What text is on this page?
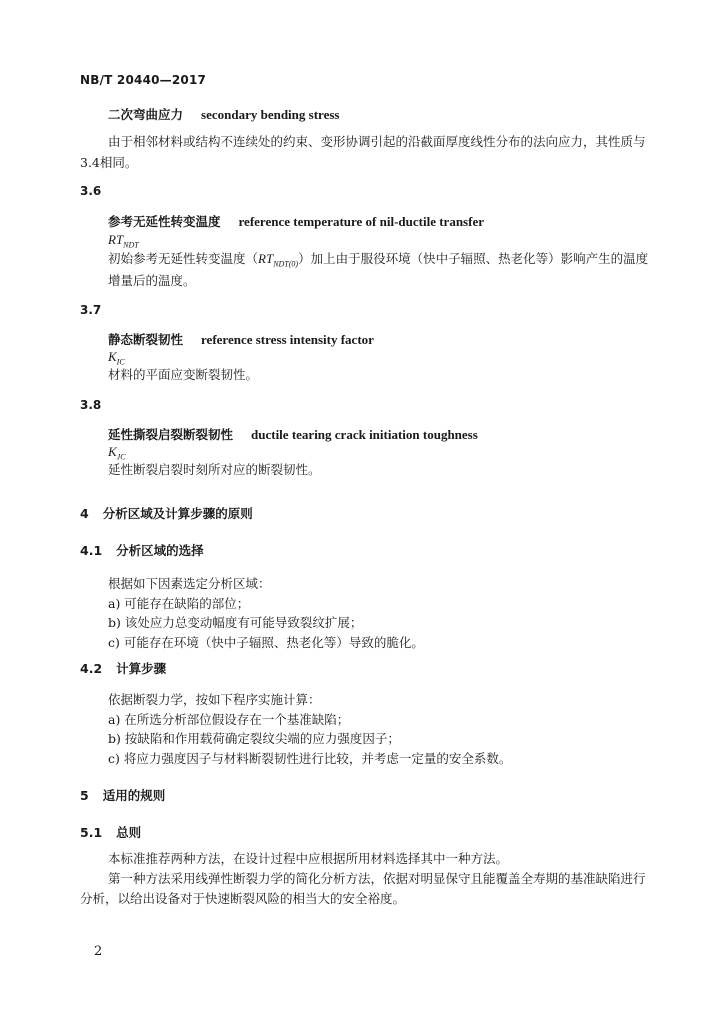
NB/T 20440—2017
二次弯曲应力 secondary bending stress
由于相邻材料或结构不连续处的约束、变形协调引起的沿截面厚度线性分布的法向应力，其性质与
3.4相同。
3.6
参考无延性转变温度 reference temperature of nil-ductile transfer
$RT_{NDT}$
初始参考无延性转变温度$(RT_{NDT(0)})$加上由于服役环境（快中子辐照、热老化等）影响产生的温度
增量后的温度。
3.7
静态断裂韧性 reference stress intensity factor
$K_{IC}$
材料的平面应变断裂韧性。
3.8
延性撕裂启裂断裂韧性 ductile tearing crack initiation toughness
$K_{JC}$
延性断裂启裂时刻所对应的断裂韧性。
4 分析区域及计算步骤的原则
4.1 分析区域的选择
根据如下因素选定分析区域：
a) 可能存在缺陷的部位；
b) 该处应力总变动幅度有可能导致裂纹扩展；
c) 可能存在环境（快中子辐照、热老化等）导致的脆化。
4.2 计算步骤
依据断裂力学，按如下程序实施计算：
a) 在所选分析部位假设存在一个基准缺陷；
b) 按缺陷和作用载荷确定裂纹尖端的应力强度因子；
c) 将应力强度因子与材料断裂韧性进行比较，并考虑一定量的安全系数。
5 适用的规则
5.1 总则
本标准推荐两种方法，在设计过程中应根据所用材料选择其中一种方法。
第一种方法采用线弹性断裂力学的简化分析方法，依据对明显保守且能覆盖全寿期的基准缺陷进行
分析，以给出设备对于快速断裂风险的相当大的安全裕度。
2
